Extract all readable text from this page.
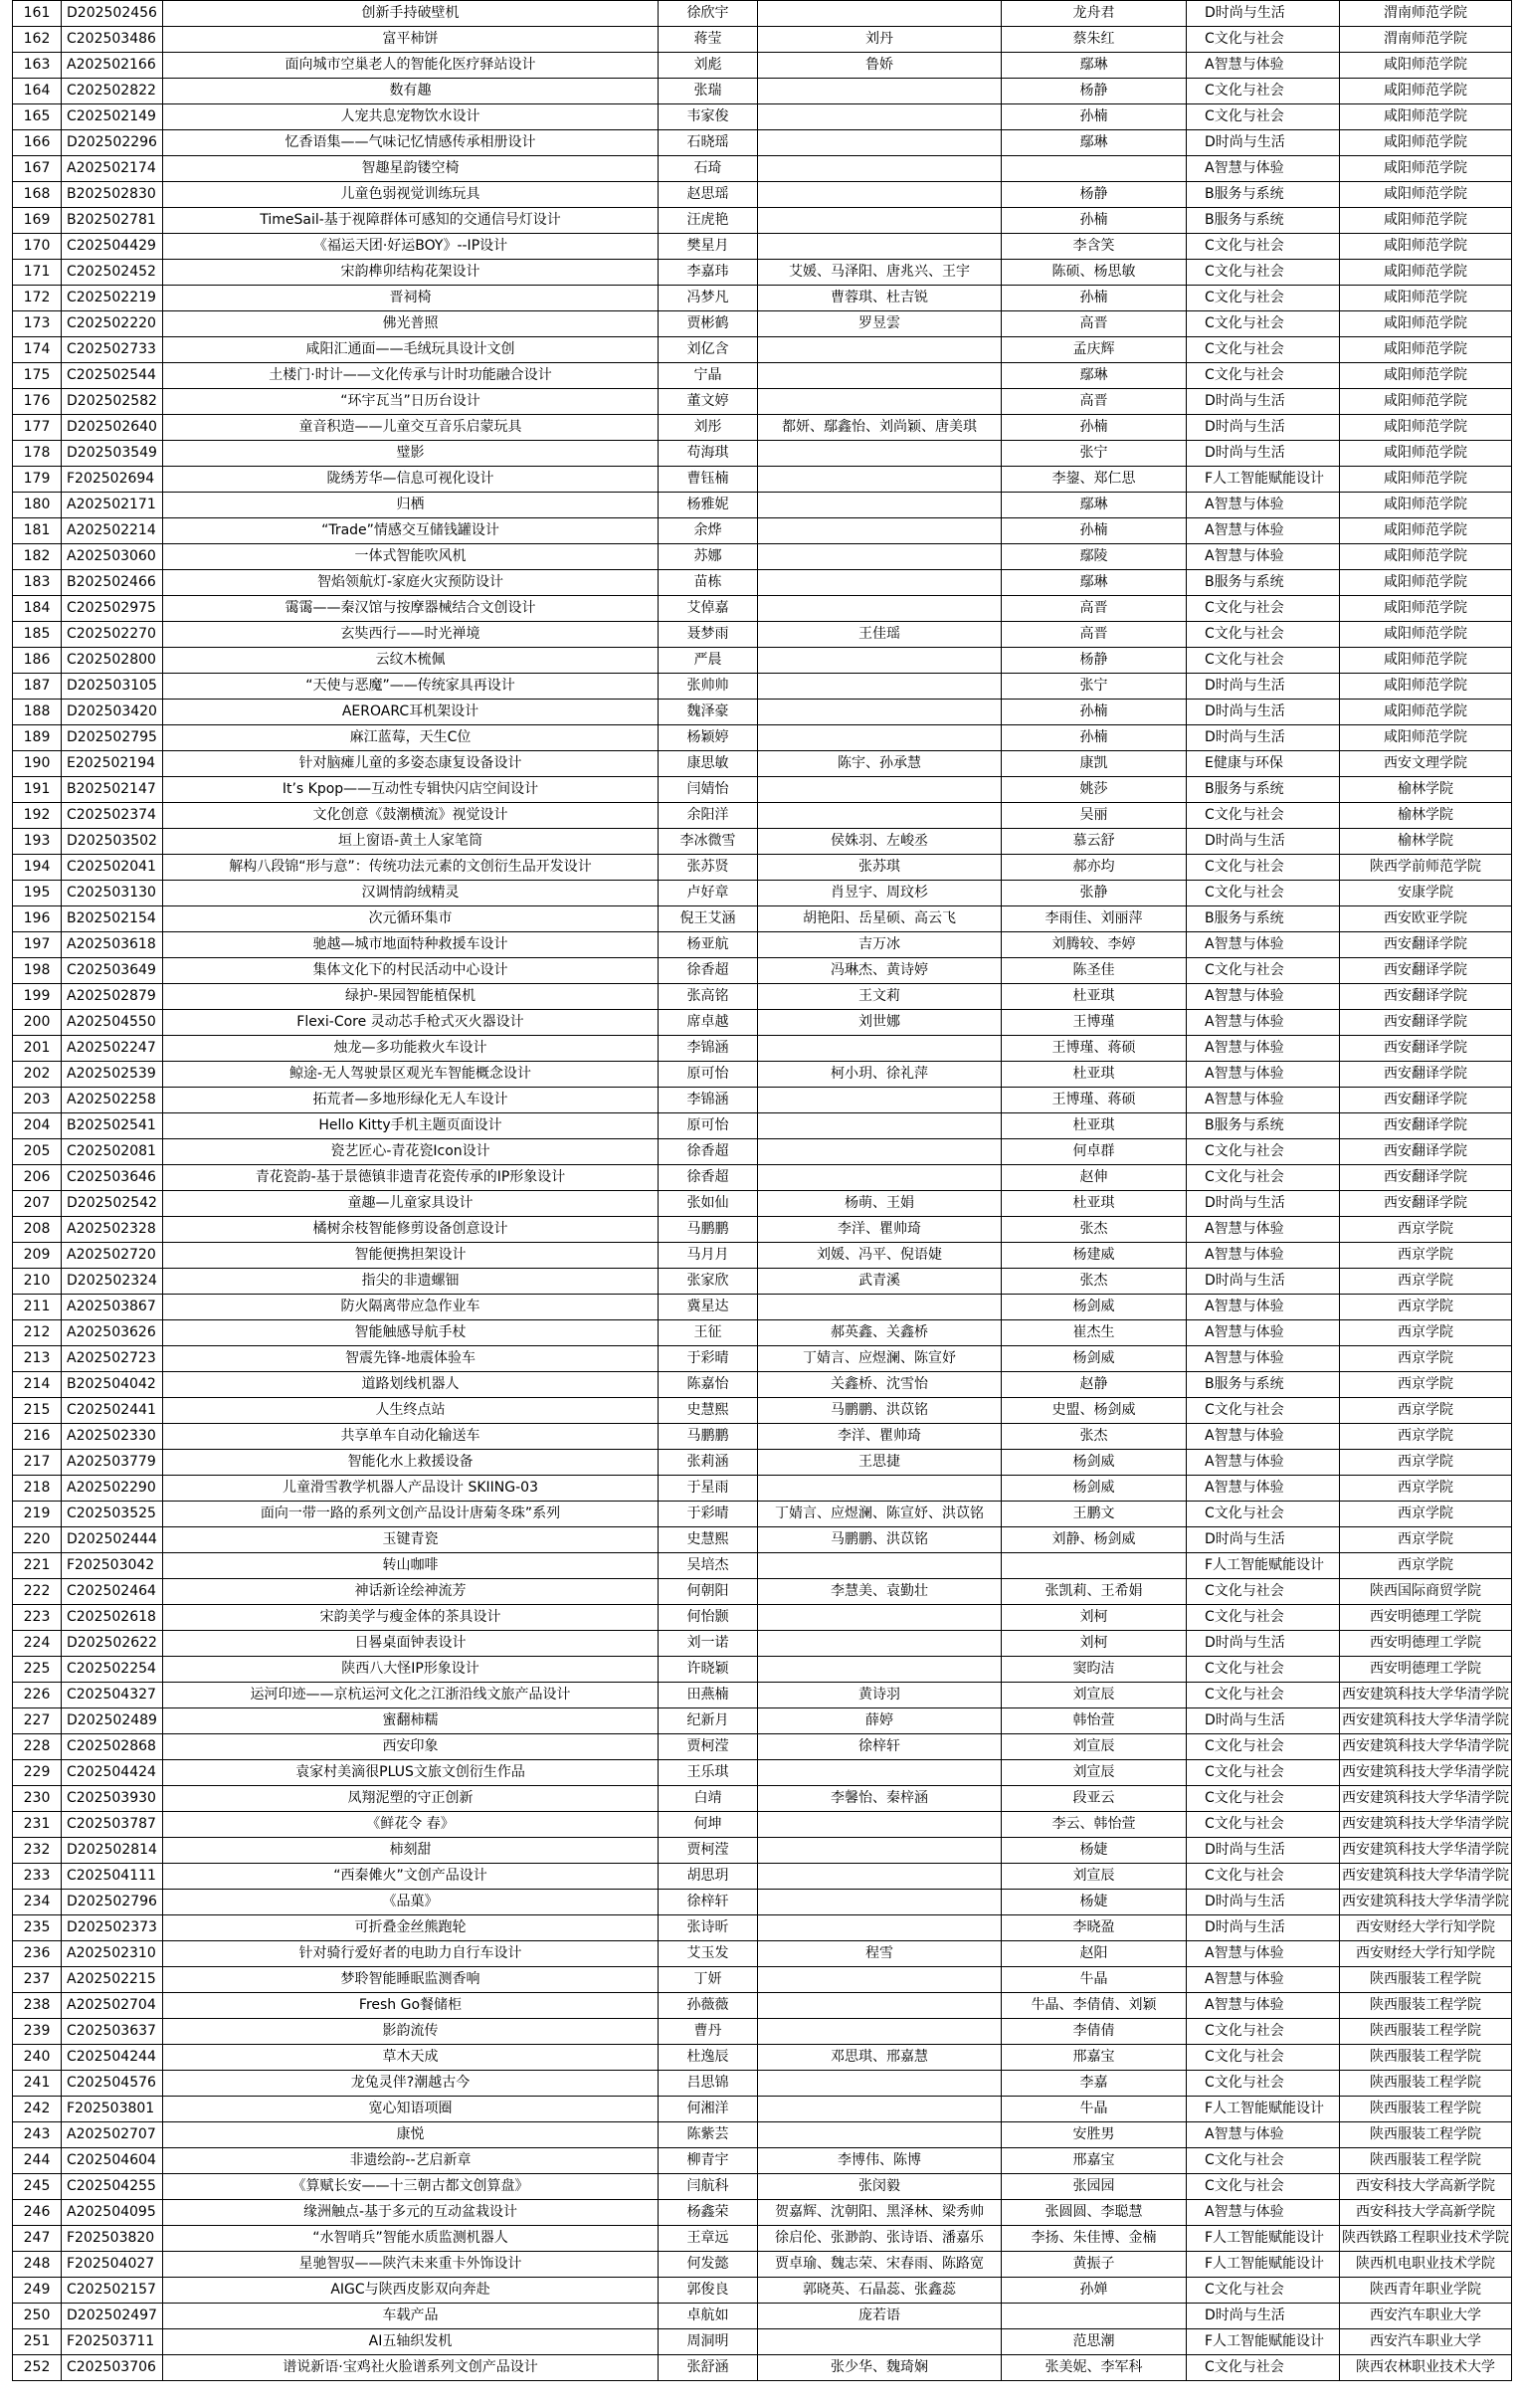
161	D202502456	创新手持破壁机	徐欣宇		龙舟君	D时尚与生活	渭南师范学院
162	C202503486	富平柿饼	蒋莹	刘丹	蔡朱红	C文化与社会	渭南师范学院
163	A202502166	面向城市空巢老人的智能化医疗驿站设计	刘彪	鲁娇	鄢琳	A智慧与体验	咸阳师范学院
164	C202502822	数有趣	张瑞		杨静	C文化与社会	咸阳师范学院
165	C202502149	人宠共息宠物饮水设计	韦家俊		孙楠	C文化与社会	咸阳师范学院
166	D202502296	忆香语集——气味记忆情感传承相册设计	石晓瑶		鄢琳	D时尚与生活	咸阳师范学院
167	A202502174	智趣星韵镂空椅	石琦			A智慧与体验	咸阳师范学院
168	B202502830	儿童色弱视觉训练玩具	赵思瑶		杨静	B服务与系统	咸阳师范学院
169	B202502781	TimeSail-基于视障群体可感知的交通信号灯设计	汪虎艳		孙楠	B服务与系统	咸阳师范学院
170	C202504429	《福运天团·好运BOY》--IP设计	樊星月		李含笑	C文化与社会	咸阳师范学院
171	C202502452	宋韵榫卯结构花架设计	李嘉玮	艾媛、马泽阳、唐兆兴、王宇	陈硕、杨思敏	C文化与社会	咸阳师范学院
172	C202502219	晋祠椅	冯梦凡	曹蓉琪、杜吉锐	孙楠	C文化与社会	咸阳师范学院
173	C202502220	佛光普照	贾彬鹤	罗昱雲	高晋	C文化与社会	咸阳师范学院
174	C202502733	咸阳汇通面——毛绒玩具设计文创	刘亿含		孟庆辉	C文化与社会	咸阳师范学院
175	C202502544	土楼门·时计——文化传承与计时功能融合设计	宁晶		鄢琳	C文化与社会	咸阳师范学院
176	D202502582	“环宇瓦当”日历台设计	董文婷		高晋	D时尚与生活	咸阳师范学院
177	D202502640	童音积造——儿童交互音乐启蒙玩具	刘彤	都妍、鄢鑫怡、刘尚颖、唐美琪	孙楠	D时尚与生活	咸阳师范学院
178	D202503549	璧影	苟海琪		张宁	D时尚与生活	咸阳师范学院
179	F202502694	陇绣芳华—信息可视化设计	曹钰楠		李鋆、郑仁思	F人工智能赋能设计	咸阳师范学院
180	A202502171	归栖	杨雅妮		鄢琳	A智慧与体验	咸阳师范学院
181	A202502214	“Trade”情感交互储钱罐设计	余烨		孙楠	A智慧与体验	咸阳师范学院
182	A202503060	一体式智能吹风机	苏娜		鄢陵	A智慧与体验	咸阳师范学院
183	B202502466	智焰领航灯-家庭火灾预防设计	苗栋		鄢琳	B服务与系统	咸阳师范学院
184	C202502975	霭霭——秦汉馆与按摩器械结合文创设计	艾倬嘉		高晋	C文化与社会	咸阳师范学院
185	C202502270	玄奘西行——时光禅境	聂梦雨	王佳瑶	高晋	C文化与社会	咸阳师范学院
186	C202502800	云纹木梳佩	严晨		杨静	C文化与社会	咸阳师范学院
187	D202503105	“天使与恶魔”——传统家具再设计	张帅帅		张宁	D时尚与生活	咸阳师范学院
188	D202503420	AEROARC耳机架设计	魏泽豪		孙楠	D时尚与生活	咸阳师范学院
189	D202502795	麻江蓝莓，天生C位	杨颖婷		孙楠	D时尚与生活	咸阳师范学院
190	E202502194	针对脑瘫儿童的多姿态康复设备设计	康思敏	陈宇、孙承慧	康凯	E健康与环保	西安文理学院
191	B202502147	It’s Kpop——互动性专辑快闪店空间设计	闫婧怡		姚莎	B服务与系统	榆林学院
192	C202502374	文化创意《鼓潮横流》视觉设计	余阳洋		吴丽	C文化与社会	榆林学院
193	D202503502	垣上窗语-黄土人家笔筒	李冰微雪	侯姝羽、左峻丞	慕云舒	D时尚与生活	榆林学院
194	C202502041	解构八段锦“形与意”：传统功法元素的文创衍生品开发设计	张苏贤	张苏琪	郝亦均	C文化与社会	陕西学前师范学院
195	C202503130	汉调情韵绒精灵	卢好章	肖昱宇、周玟杉	张静	C文化与社会	安康学院
196	B202502154	次元循环集市	倪王艾涵	胡艳阳、岳星硕、高云飞	李雨佳、刘丽萍	B服务与系统	西安欧亚学院
197	A202503618	驰越—城市地面特种救援车设计	杨亚航	吉万冰	刘腾较、李婷	A智慧与体验	西安翻译学院
198	C202503649	集体文化下的村民活动中心设计	徐香超	冯琳杰、黄诗婷	陈圣佳	C文化与社会	西安翻译学院
199	A202502879	绿护-果园智能植保机	张高铭	王文莉	杜亚琪	A智慧与体验	西安翻译学院
200	A202504550	Flexi-Core 灵动芯手枪式灭火器设计	席卓越	刘世娜	王博瑾	A智慧与体验	西安翻译学院
201	A202502247	烛龙—多功能救火车设计	李锦涵		王博瑾、蒋硕	A智慧与体验	西安翻译学院
202	A202502539	鲸途-无人驾驶景区观光车智能概念设计	原可怡	柯小玥、徐礼萍	杜亚琪	A智慧与体验	西安翻译学院
203	A202502258	拓荒者—多地形绿化无人车设计	李锦涵		王博瑾、蒋硕	A智慧与体验	西安翻译学院
204	B202502541	Hello Kitty手机主题页面设计	原可怡		杜亚琪	B服务与系统	西安翻译学院
205	C202502081	瓷艺匠心-青花瓷Icon设计	徐香超		何卓群	C文化与社会	西安翻译学院
206	C202503646	青花瓷韵-基于景德镇非遗青花瓷传承的IP形象设计	徐香超		赵伸	C文化与社会	西安翻译学院
207	D202502542	童趣—儿童家具设计	张如仙	杨萌、王娟	杜亚琪	D时尚与生活	西安翻译学院
208	A202502328	橘树余枝智能修剪设备创意设计	马鹏鹏	李洋、瞿帅琦	张杰	A智慧与体验	西京学院
209	A202502720	智能便携担架设计	马月月	刘媛、冯平、倪语婕	杨建威	A智慧与体验	西京学院
210	D202502324	指尖的非遗螺钿	张家欣	武青溪	张杰	D时尚与生活	西京学院
211	A202503867	防火隔离带应急作业车	冀星达		杨剑威	A智慧与体验	西京学院
212	A202503626	智能触感导航手杖	王征	郝英鑫、关鑫桥	崔杰生	A智慧与体验	西京学院
213	A202502723	智震先锋-地震体验车	于彩晴	丁婧言、应煜澜、陈宣妤	杨剑威	A智慧与体验	西京学院
214	B202504042	道路划线机器人	陈嘉怡	关鑫桥、沈雪怡	赵静	B服务与系统	西京学院
215	C202502441	人生终点站	史慧熙	马鹏鹏、洪苡铭	史盟、杨剑威	C文化与社会	西京学院
216	A202502330	共享单车自动化输送车	马鹏鹏	李洋、瞿帅琦	张杰	A智慧与体验	西京学院
217	A202503779	智能化水上救援设备	张莉涵	王思捷	杨剑威	A智慧与体验	西京学院
218	A202502290	儿童滑雪教学机器人产品设计 SKIING-03	于星雨		杨剑威	A智慧与体验	西京学院
219	C202503525	面向一带一路的系列文创产品设计唐菊冬珠”系列	于彩晴	丁婧言、应煜澜、陈宣妤、洪苡铭	王鹏文	C文化与社会	西京学院
220	D202502444	玉键青瓷	史慧熙	马鹏鹏、洪苡铭	刘静、杨剑威	D时尚与生活	西京学院
221	F202503042	转山咖啡	吴培杰			F人工智能赋能设计	西京学院
222	C202502464	神话新诠绘神流芳	何朝阳	李慧美、袁勤壮	张凯莉、王希娟	C文化与社会	陕西国际商贸学院
223	C202502618	宋韵美学与瘦金体的茶具设计	何怡颢		刘柯	C文化与社会	西安明德理工学院
224	D202502622	日晷桌面钟表设计	刘一诺		刘柯	D时尚与生活	西安明德理工学院
225	C202502254	陕西八大怪IP形象设计	许晓颖		窦昀洁	C文化与社会	西安明德理工学院
226	C202504327	运河印迹——京杭运河文化之江浙沿线文旅产品设计	田燕楠	黄诗羽	刘宣辰	C文化与社会	西安建筑科技大学华清学院
227	D202502489	蜜翻柿糯	纪新月	薛婷	韩怡萱	D时尚与生活	西安建筑科技大学华清学院
228	C202502868	西安印象	贾柯滢	徐梓轩	刘宣辰	C文化与社会	西安建筑科技大学华清学院
229	C202504424	袁家村美滴很PLUS文旅文创衍生作品	王乐琪		刘宣辰	C文化与社会	西安建筑科技大学华清学院
230	C202503930	凤翔泥塑的守正创新	白靖	李馨怡、秦梓涵	段亚云	C文化与社会	西安建筑科技大学华清学院
231	C202503787	《鲜花令 春》	何坤		李云、韩怡萱	C文化与社会	西安建筑科技大学华清学院
232	D202502814	柿刻甜	贾柯滢		杨婕	D时尚与生活	西安建筑科技大学华清学院
233	C202504111	“西秦傩火”文创产品设计	胡思玥		刘宣辰	C文化与社会	西安建筑科技大学华清学院
234	D202502796	《品菓》	徐梓轩		杨婕	D时尚与生活	西安建筑科技大学华清学院
235	D202502373	可折叠金丝熊跑轮	张诗昕		李晓盈	D时尚与生活	西安财经大学行知学院
236	A202502310	针对骑行爱好者的电助力自行车设计	艾玉发	程雪	赵阳	A智慧与体验	西安财经大学行知学院
237	A202502215	梦聆智能睡眠监测香响	丁妍		牛晶	A智慧与体验	陕西服装工程学院
238	A202502704	Fresh Go餐储柜	孙薇薇		牛晶、李倩倩、刘颖	A智慧与体验	陕西服装工程学院
239	C202503637	影韵流传	曹丹		李倩倩	C文化与社会	陕西服装工程学院
240	C202504244	草木天成	杜逸辰	邓思琪、邢嘉慧	邢嘉宝	C文化与社会	陕西服装工程学院
241	C202504576	龙兔灵伴?潮越古今	吕思锦		李嘉	C文化与社会	陕西服装工程学院
242	F202503801	宽心知语项圈	何湘洋		牛晶	F人工智能赋能设计	陕西服装工程学院
243	A202502707	康悦	陈紫芸		安胜男	A智慧与体验	陕西服装工程学院
244	C202504604	非遗绘韵--艺启新章	柳青宇	李博伟、陈博	邢嘉宝	C文化与社会	陕西服装工程学院
245	C202504255	《算赋长安——十三朝古都文创算盘》	闫航科	张闵毅	张园园	C文化与社会	西安科技大学高新学院
246	A202504095	缘洲触点-基于多元的互动盆栽设计	杨鑫荣	贺嘉辉、沈朝阳、黑泽林、梁秀帅	张圆圆、李聪慧	A智慧与体验	西安科技大学高新学院
247	F202503820	“水智哨兵”智能水质监测机器人	王章远	徐启伦、张渺韵、张诗语、潘嘉乐	李扬、朱佳博、金楠	F人工智能赋能设计	陕西铁路工程职业技术学院
248	F202504027	星驰智驭——陕汽未来重卡外饰设计	何发懿	贾卓瑜、魏志荣、宋春雨、陈路宽	黄振子	F人工智能赋能设计	陕西机电职业技术学院
249	C202502157	AIGC与陕西皮影双向奔赴	郭俊良	郭晓英、石晶蕊、张鑫蕊	孙婵	C文化与社会	陕西青年职业学院
250	D202502497	车载产品	卓航如	庞若语		D时尚与生活	西安汽车职业大学
251	F202503711	AI五轴织发机	周洞明		范思潮	F人工智能赋能设计	西安汽车职业大学
252	C202503706	谱说新语·宝鸡社火脸谱系列文创产品设计	张舒涵	张少华、魏琦娴	张美妮、李军科	C文化与社会	陕西农林职业技术大学
